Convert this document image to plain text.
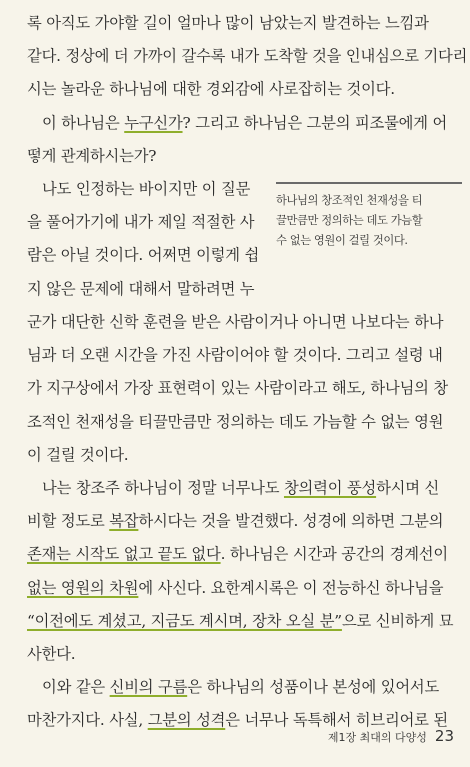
록 아직도 가야할 길이 얼마나 많이 남았는지 발견하는 느낌과
같다. 정상에 더 가까이 갈수록 내가 도착할 것을 인내심으로 기다리
시는 놀라운 하나님에 대한 경외감에 사로잡히는 것이다.
이 하나님은 누구신가? 그리고 하나님은 그분의 피조물에게 어
떻게 관계하시는가?
나도 인정하는 바이지만 이 질문
을 풀어가기에 내가 제일 적절한 사
람은 아닐 것이다. 어쩌면 이렇게 쉽
지 않은 문제에 대해서 말하려면 누
군가 대단한 신학 훈련을 받은 사람이거나 아니면 나보다는 하나
님과 더 오랜 시간을 가진 사람이어야 할 것이다. 그리고 설령 내
가 지구상에서 가장 표현력이 있는 사람이라고 해도, 하나님의 창
조적인 천재성을 티끌만큼만 정의하는 데도 가늠할 수 없는 영원
이 걸릴 것이다.
하나님의 창조적인 천재성을 티
끌만큼만 정의하는 데도 가늠할
수 없는 영원이 걸릴 것이다.
나는 창조주 하나님이 정말 너무나도 창의력이 풍성하시며 신
비할 정도로 복잡하시다는 것을 발견했다. 성경에 의하면 그분의
존재는 시작도 없고 끝도 없다. 하나님은 시간과 공간의 경계선이
없는 영원의 차원에 사신다. 요한계시록은 이 전능하신 하나님을
“이전에도 계셨고, 지금도 계시며, 장차 오실 분”으로 신비하게 묘
사한다.
이와 같은 신비의 구름은 하나님의 성품이나 본성에 있어서도
마찬가지다. 사실, 그분의 성격은 너무나 독특해서 히브리어로 된
제1장 최대의 다양성 23
